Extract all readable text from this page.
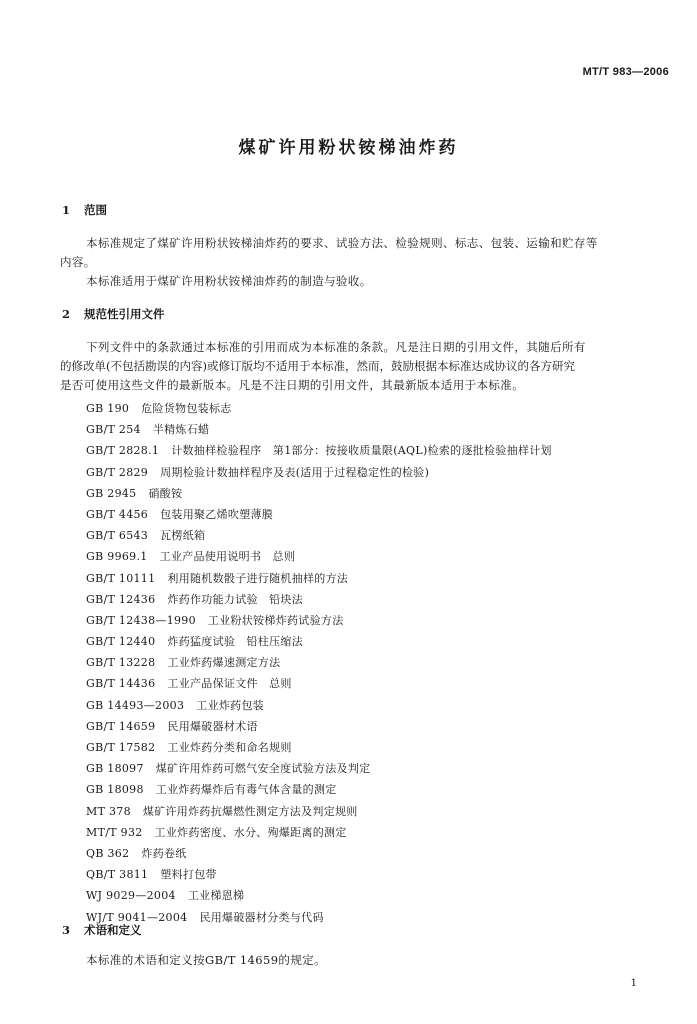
MT/T 983—2006
煤矿许用粉状铵梯油炸药
1 范围
本标准规定了煤矿许用粉状铵梯油炸药的要求、试验方法、检验规则、标志、包装、运输和贮存等
内容。
本标准适用于煤矿许用粉状铵梯油炸药的制造与验收。
2 规范性引用文件
下列文件中的条款通过本标准的引用而成为本标准的条款。凡是注日期的引用文件，其随后所有
的修改单(不包括勘误的内容)或修订版均不适用于本标准，然而，鼓励根据本标准达成协议的各方研究
是否可使用这些文件的最新版本。凡是不注日期的引用文件，其最新版本适用于本标准。
GB 190 危险货物包装标志
GB/T 254 半精炼石蜡
GB/T 2828.1 计数抽样检验程序　第1部分：按接收质量限(AQL)检索的逐批检验抽样计划
GB/T 2829 周期检验计数抽样程序及表(适用于过程稳定性的检验)
GB 2945 硝酸铵
GB/T 4456 包装用聚乙烯吹塑薄膜
GB/T 6543 瓦楞纸箱
GB 9969.1 工业产品使用说明书　总则
GB/T 10111 利用随机数骰子进行随机抽样的方法
GB/T 12436 炸药作功能力试验　铅块法
GB/T 12438—1990 工业粉状铵梯炸药试验方法
GB/T 12440 炸药猛度试验　铅柱压缩法
GB/T 13228 工业炸药爆速测定方法
GB/T 14436 工业产品保证文件　总则
GB 14493—2003 工业炸药包装
GB/T 14659 民用爆破器材术语
GB/T 17582 工业炸药分类和命名规则
GB 18097 煤矿许用炸药可燃气安全度试验方法及判定
GB 18098 工业炸药爆炸后有毒气体含量的测定
MT 378 煤矿许用炸药抗爆燃性测定方法及判定规则
MT/T 932 工业炸药密度、水分、殉爆距离的测定
QB 362 炸药卷纸
QB/T 3811 塑料打包带
WJ 9029—2004 工业梯恩梯
WJ/T 9041—2004 民用爆破器材分类与代码
3 术语和定义
本标准的术语和定义按GB/T 14659的规定。
1
